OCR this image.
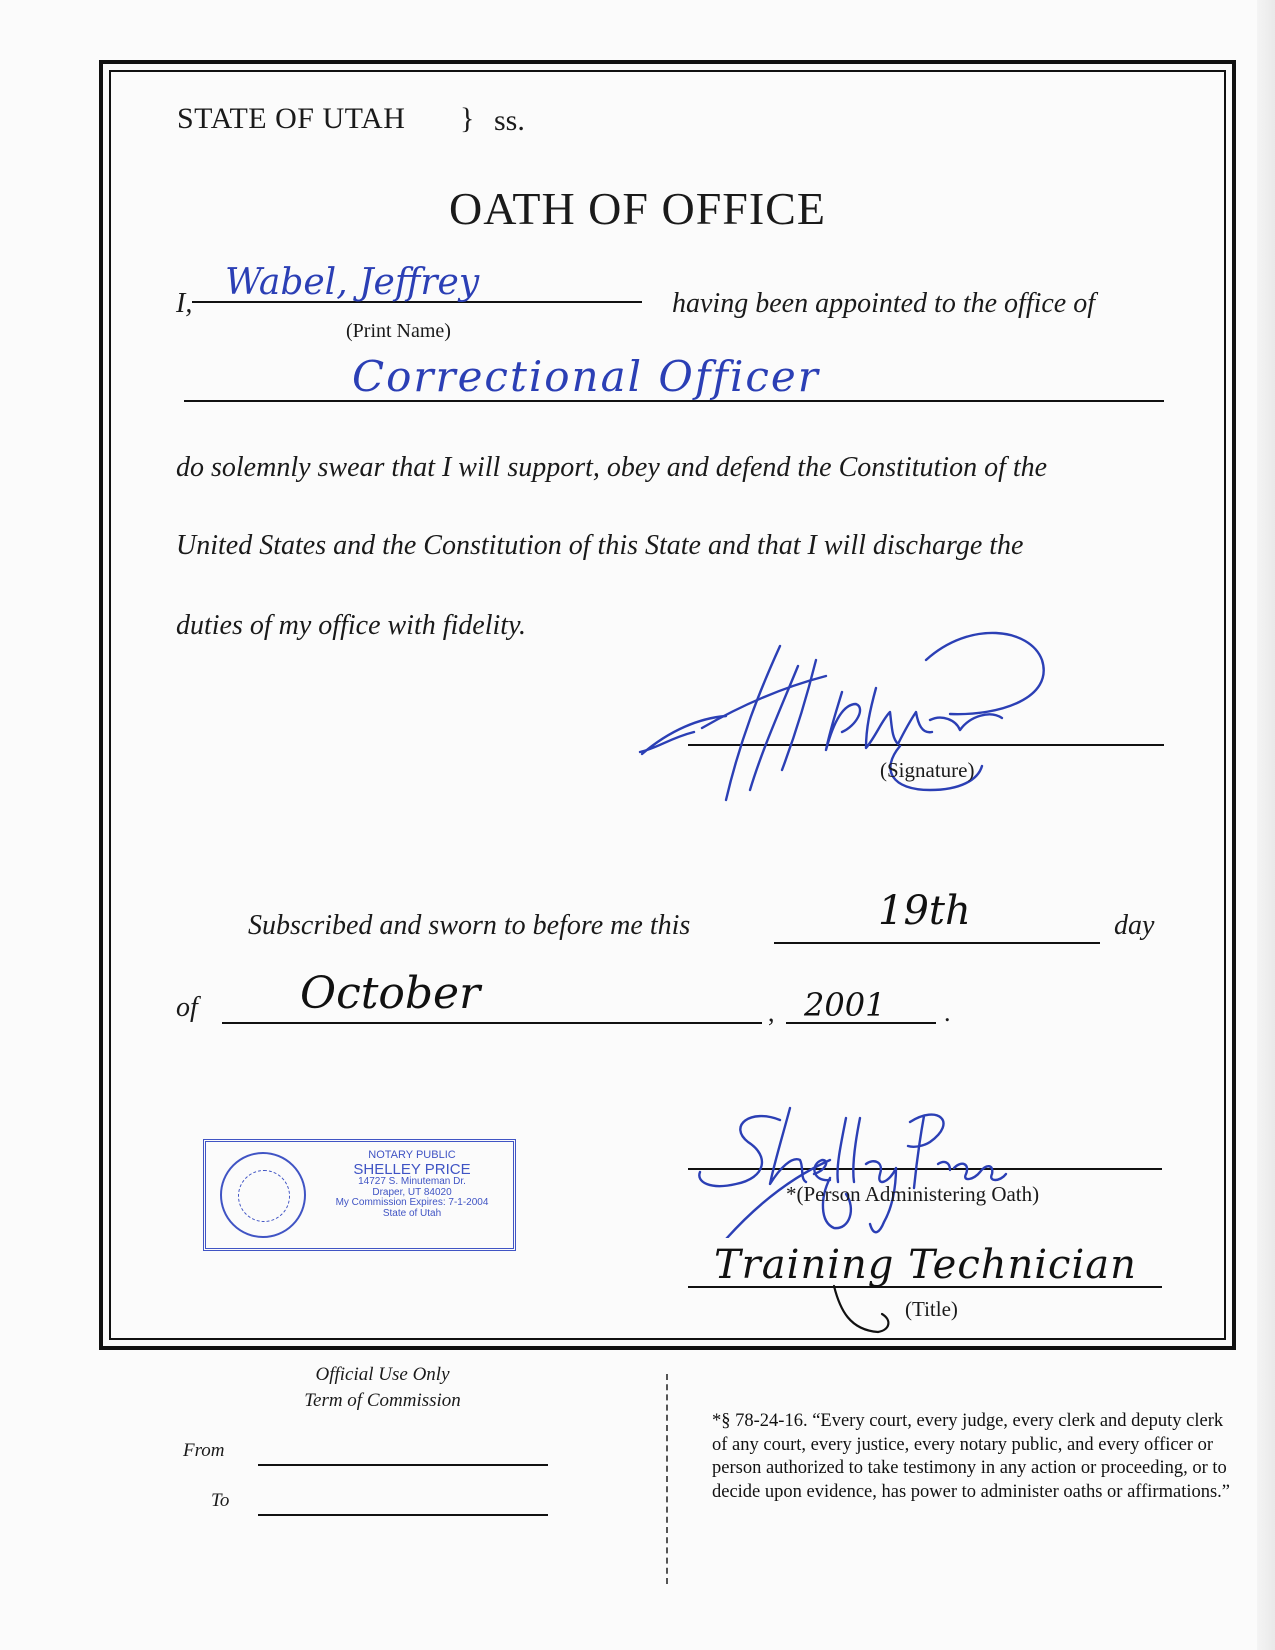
STATE OF UTAH } ss.
OATH OF OFFICE
I,
Wabel, Jeffrey
(Print Name)
having been appointed to the office of
Correctional Officer
do solemnly swear that I will support, obey and defend the Constitution of the
United States and the Constitution of this State and that I will discharge the
duties of my office with fidelity.
(Signature)
Subscribed and sworn to before me this	19th	day
of October	, 2001 .
NOTARY PUBLIC
SHELLEY PRICE
14727 S. Minuteman Dr.
Draper, UT 84020
My Commission Expires: 7-1-2004
State of Utah
*(Person Administering Oath)
Training Technician
(Title)
Official Use Only
Term of Commission
From
To
*§ 78-24-16. “Every court, every judge, every clerk and deputy clerk of any court, every justice, every notary public, and every officer or person authorized to take testimony in any action or proceeding, or to decide upon evidence, has power to administer oaths or affirmations.”
